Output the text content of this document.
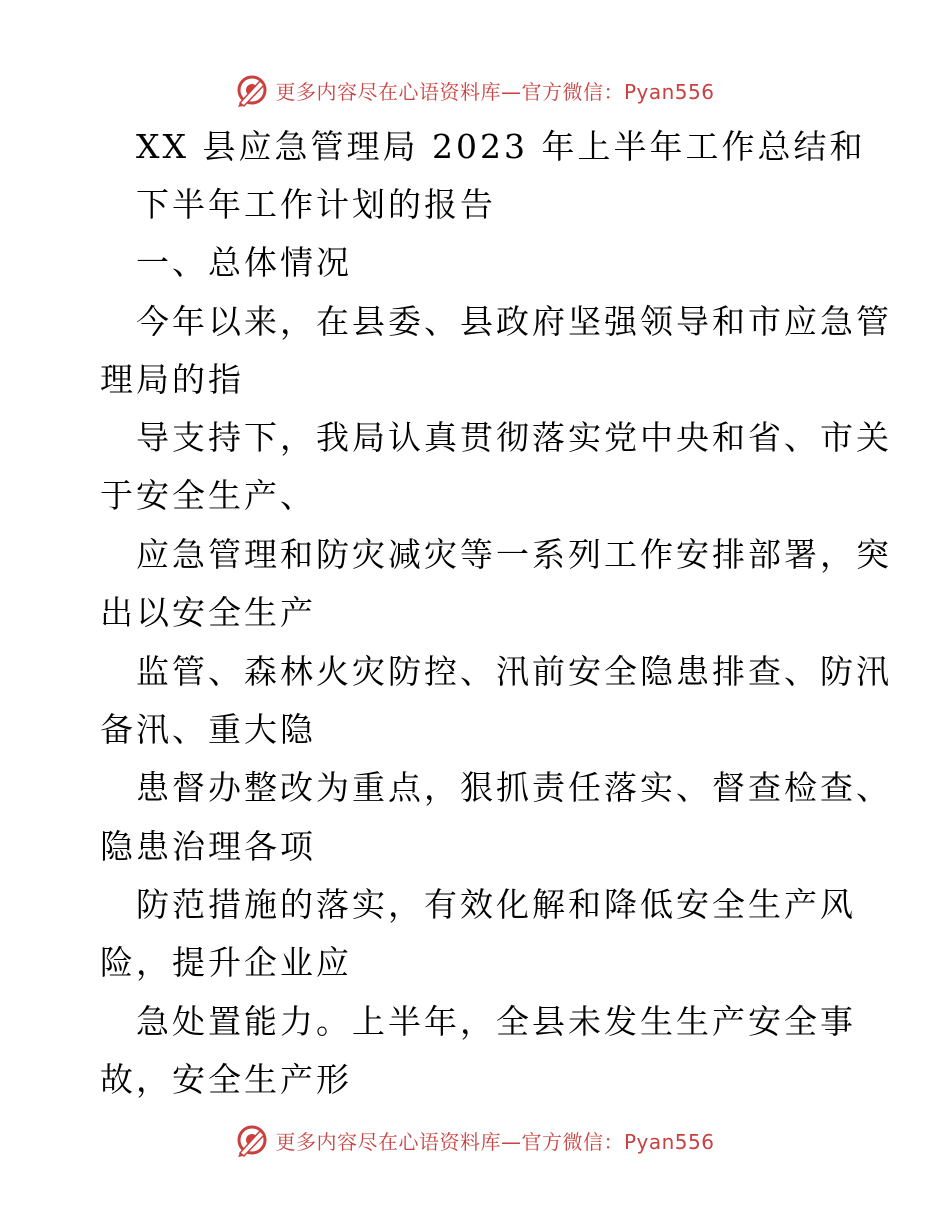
更多内容尽在心语资料库—官方微信：Pyan556
XX 县应急管理局 2023 年上半年工作总结和
下半年工作计划的报告
一、总体情况
今年以来，在县委、县政府坚强领导和市应急管
理局的指
导支持下，我局认真贯彻落实党中央和省、市关
于安全生产、
应急管理和防灾减灾等一系列工作安排部署，突
出以安全生产
监管、森林火灾防控、汛前安全隐患排查、防汛
备汛、重大隐
患督办整改为重点，狠抓责任落实、督查检查、
隐患治理各项
防范措施的落实，有效化解和降低安全生产风
险，提升企业应
急处置能力。上半年，全县未发生生产安全事
故，安全生产形
更多内容尽在心语资料库—官方微信：Pyan556
